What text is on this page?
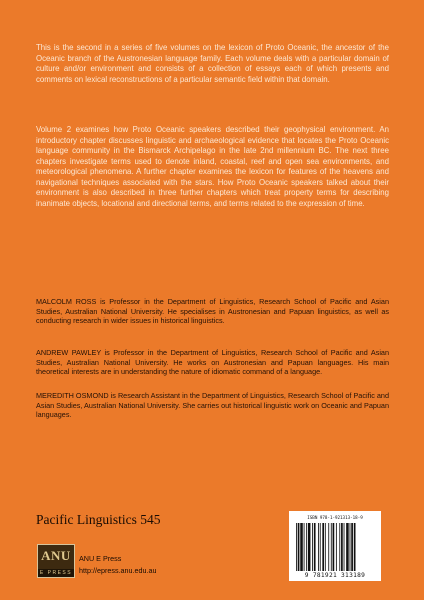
This is the second in a series of five volumes on the lexicon of Proto Oceanic, the ancestor of the Oceanic branch of the Austronesian language family. Each volume deals with a particular domain of culture and/or environment and consists of a collection of essays each of which presents and comments on lexical reconstructions of a particular semantic field within that domain.

Volume 2 examines how Proto Oceanic speakers described their geophysical environment. An introductory chapter discusses linguistic and archaeological evidence that locates the Proto Oceanic language community in the Bismarck Archipelago in the late 2nd millennium BC. The next three chapters investigate terms used to denote inland, coastal, reef and open sea environments, and meteorological phenomena. A further chapter examines the lexicon for features of the heavens and navigational techniques associated with the stars. How Proto Oceanic speakers talked about their environment is also described in three further chapters which treat property terms for describing inanimate objects, locational and directional terms, and terms related to the expression of time.

MALCOLM ROSS is Professor in the Department of Linguistics, Research School of Pacific and Asian Studies, Australian National University. He specialises in Austronesian and Papuan linguistics, as well as conducting research in wider issues in historical linguistics.

ANDREW PAWLEY is Professor in the Department of Linguistics, Research School of Pacific and Asian Studies, Australian National University. He works on Austronesian and Papuan languages. His main theoretical interests are in understanding the nature of idiomatic command of a language.

MEREDITH OSMOND is Research Assistant in the Department of Linguistics, Research School of Pacific and Asian Studies, Australian National University. She carries out historical linguistic work on Oceanic and Papuan languages.

Pacific Linguistics 545
ANU
E PRESS
ANU E Press
http://epress.anu.edu.au
ISBN 978-1-921313-18-9
9 781921 313189
